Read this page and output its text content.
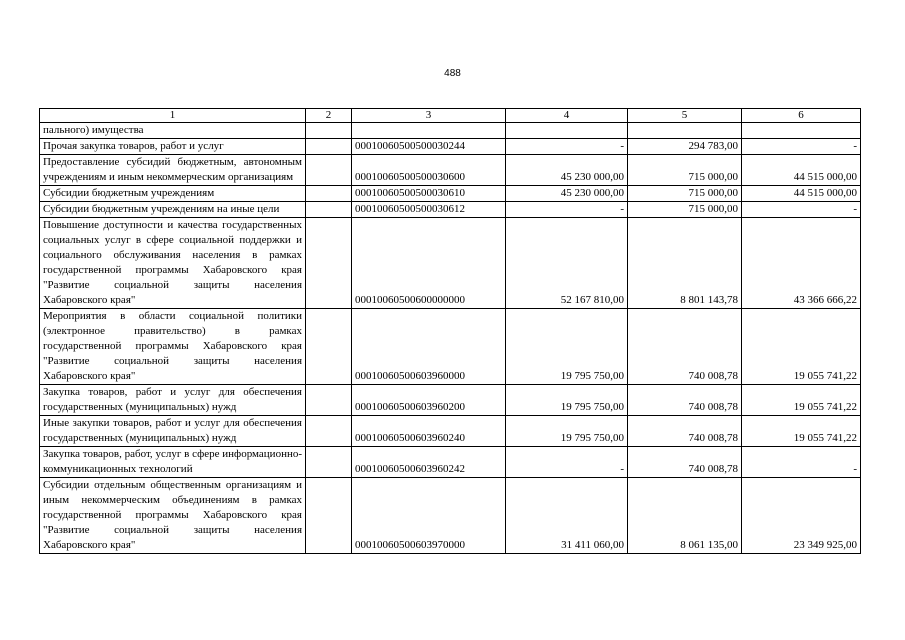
488
1	2	3	4	5	6
пального) имущества					
Прочая закупка товаров, работ и услуг		00010060500500030244	-	294 783,00	-
Предоставление субсидий бюджетным, автономным учреждениям и иным некоммерческим организациям		00010060500500030600	45 230 000,00	715 000,00	44 515 000,00
Субсидии бюджетным учреждениям		00010060500500030610	45 230 000,00	715 000,00	44 515 000,00
Субсидии бюджетным учреждениям на иные цели		00010060500500030612	-	715 000,00	-
Повышение доступности и качества государственных социальных услуг в сфере социальной поддержки и социального обслуживания населения в рамках государственной программы Хабаровского края "Развитие социальной защиты населения Хабаровского края"		00010060500600000000	52 167 810,00	8 801 143,78	43 366 666,22
Мероприятия в области социальной политики (электронное правительство) в рамках государственной программы Хабаровского края "Развитие социальной защиты населения Хабаровского края"		00010060500603960000	19 795 750,00	740 008,78	19 055 741,22
Закупка товаров, работ и услуг для обеспечения государственных (муниципальных) нужд		00010060500603960200	19 795 750,00	740 008,78	19 055 741,22
Иные закупки товаров, работ и услуг для обеспечения государственных (муниципальных) нужд		00010060500603960240	19 795 750,00	740 008,78	19 055 741,22
Закупка товаров, работ, услуг в сфере информационно-коммуникационных технологий		00010060500603960242	-	740 008,78	-
Субсидии отдельным общественным организациям и иным некоммерческим объединениям в рамках государственной программы Хабаровского края "Развитие социальной защиты населения Хабаровского края"		00010060500603970000	31 411 060,00	8 061 135,00	23 349 925,00
